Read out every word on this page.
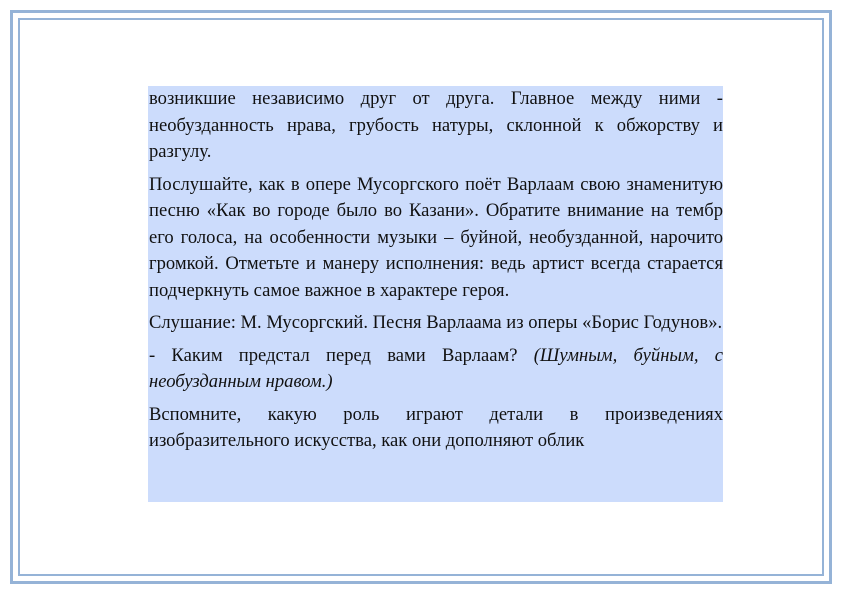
возникшие независимо друг от друга. Главное между ними - необузданность нрава, грубость натуры, склонной к обжорству и разгулу.

Послушайте, как в опере Мусоргского поёт Варлаам свою знаменитую песню «Как во городе было во Казани». Обратите внимание на тембр его голоса, на особенности музыки – буйной, необузданной, нарочито громкой. Отметьте и манеру исполнения: ведь артист всегда старается подчеркнуть самое важное в характере героя.

Слушание: М. Мусоргский. Песня Варлаама из оперы «Борис Годунов».

- Каким предстал перед вами Варлаам? (Шумным, буйным, с необузданным нравом.)

Вспомните, какую роль играют детали в произведениях изобразительного искусства, как они дополняют облик
